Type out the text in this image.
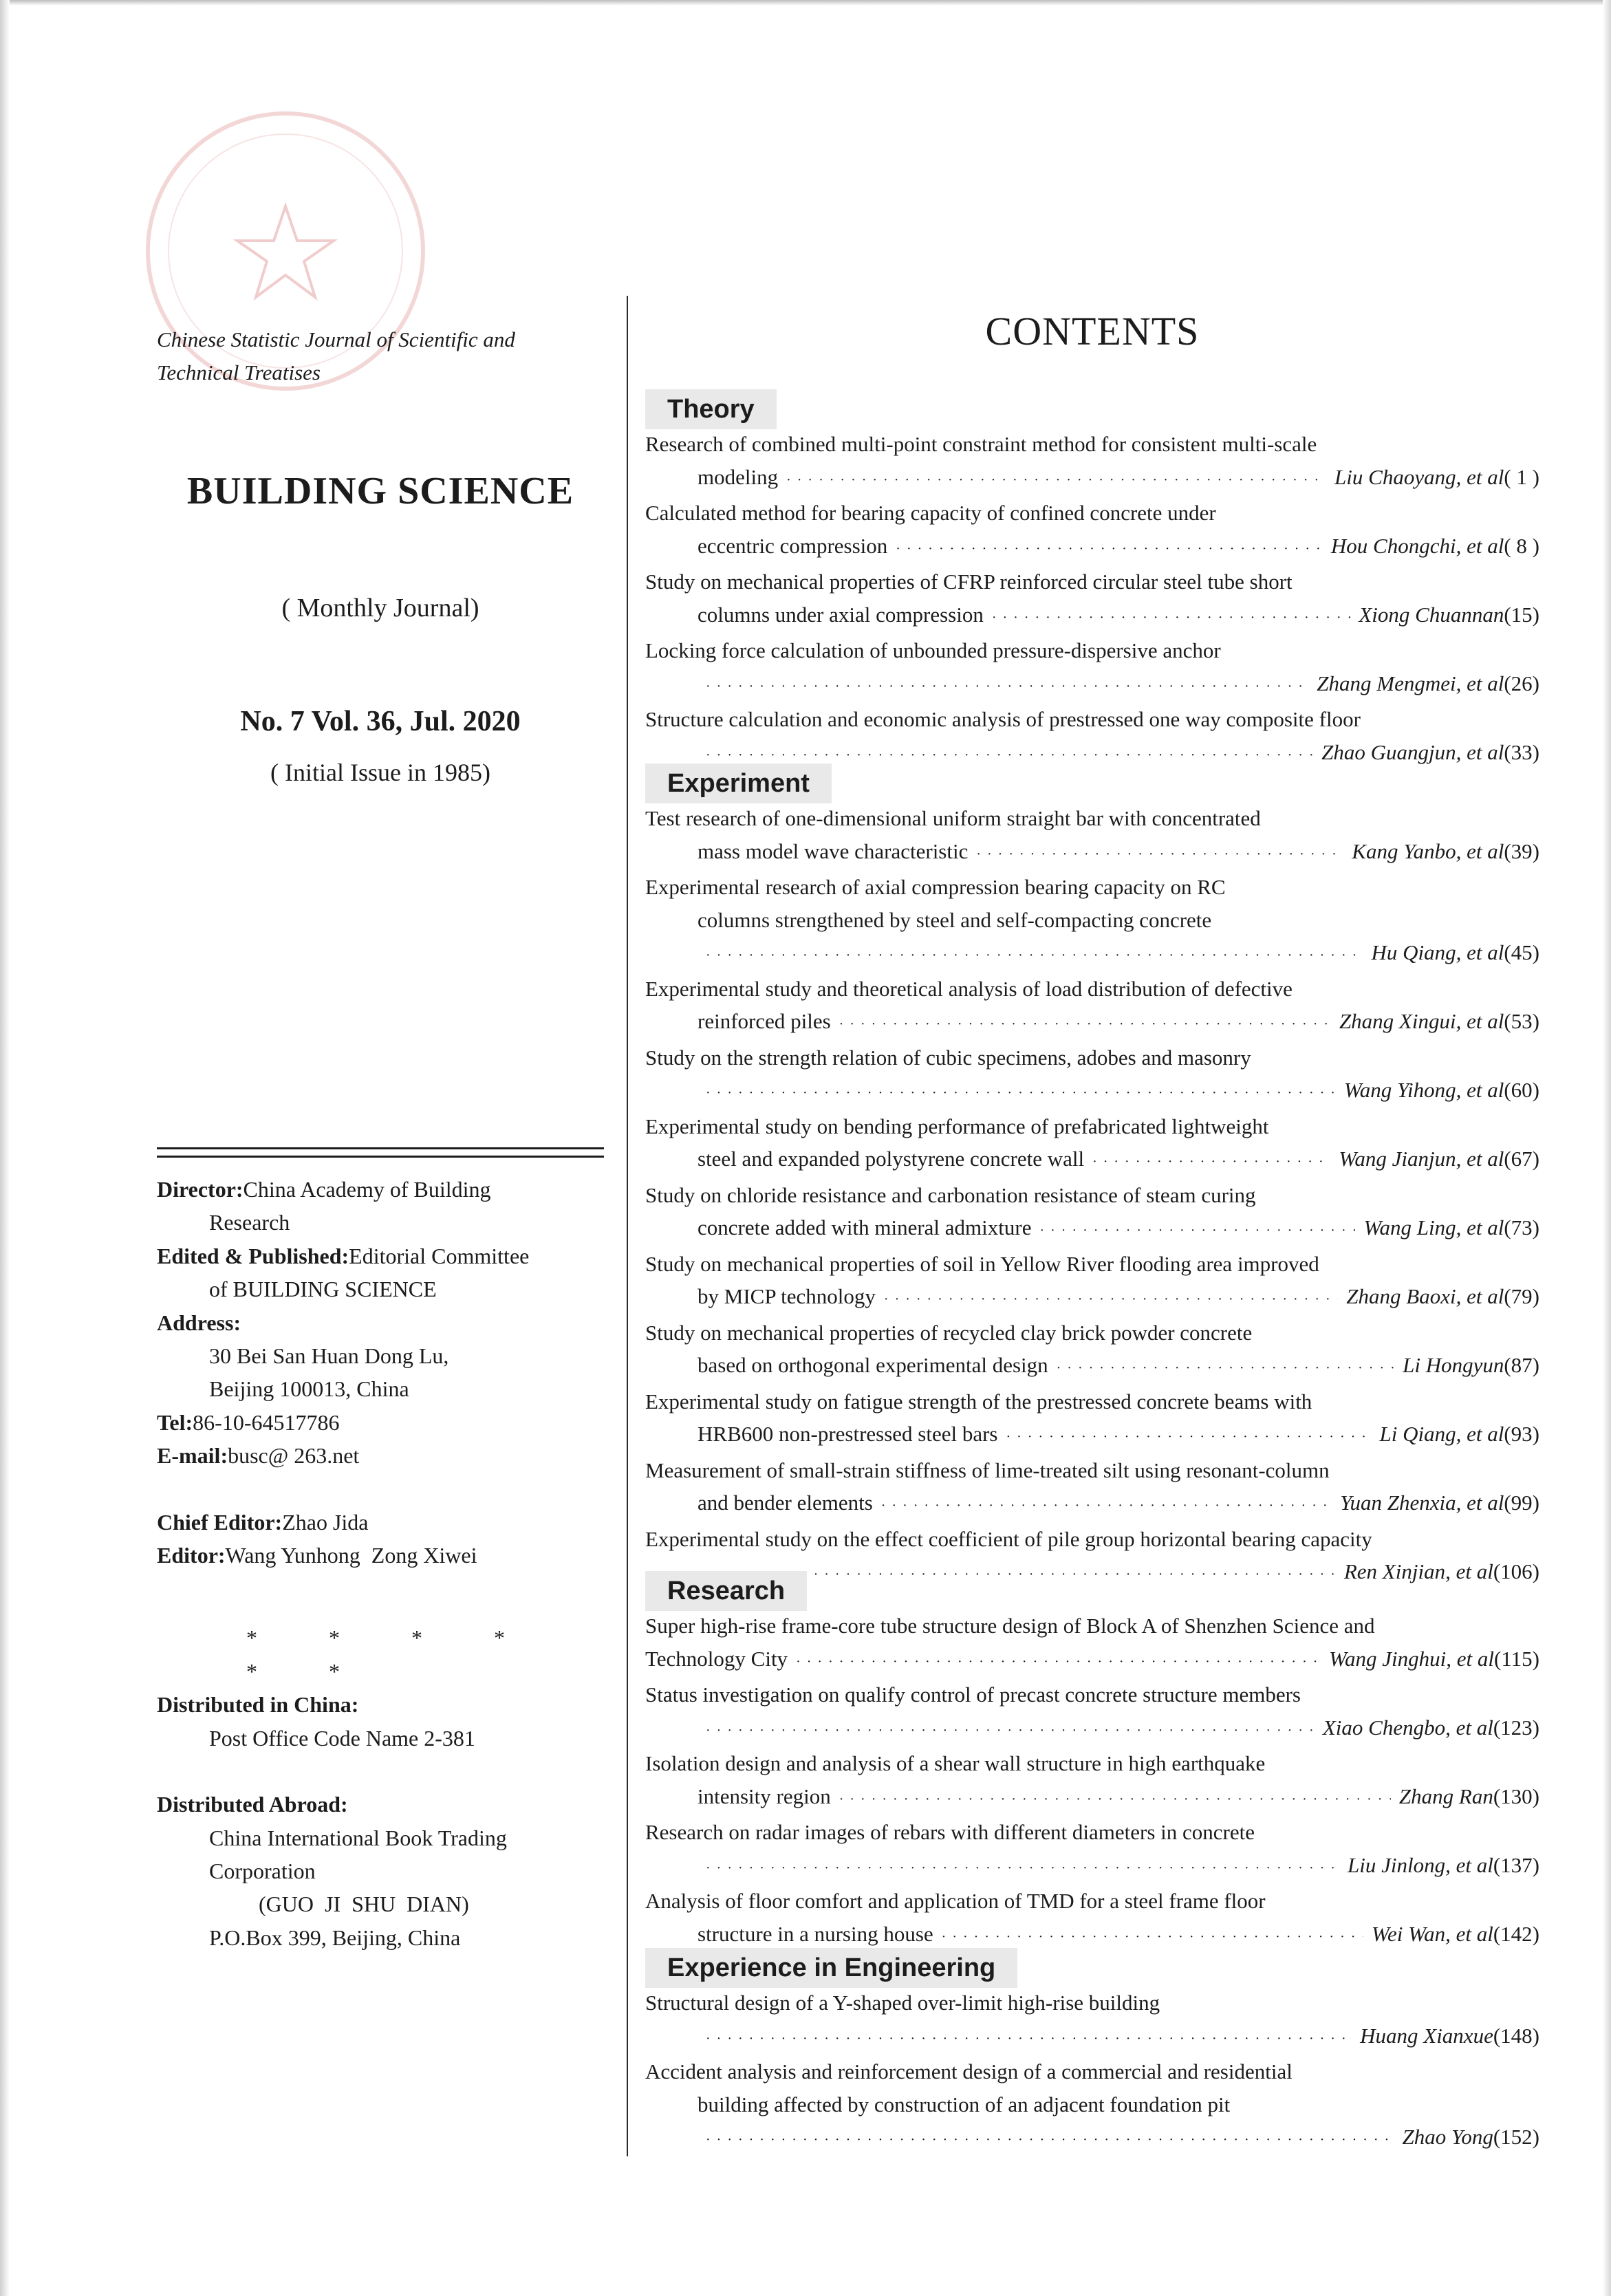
Chinese Statistic Journal of Scientific and

Technical Treatises

BUILDING SCIENCE

( Monthly Journal)

No. 7 Vol. 36, Jul. 2020

( Initial Issue in 1985)

Director:China Academy of Building

Research

Edited & Published:Editorial Committee

of BUILDING SCIENCE

Address:

30 Bei San Huan Dong Lu,

Beijing 100013, China

Tel:86-10-64517786

E-mail:busc@ 263.net

Chief Editor:Zhao Jida

Editor:Wang Yunhong  Zong Xiwei

* * * * * *

Distributed in China:

Post Office Code Name 2-381

Distributed Abroad:

China International Book Trading

Corporation

(GUO  JI  SHU  DIAN)

P.O.Box 399, Beijing, China

CONTENTS

Theory

Research of combined multi-point constraint method for consistent multi-scale

modeling · · ·	Liu Chaoyang, et al( 1 )

Calculated method for bearing capacity of confined concrete under

eccentric compression · · ·	Hou Chongchi, et al( 8 )

Study on mechanical properties of CFRP reinforced circular steel tube short

columns under axial compression · · ·	Xiong Chuannan(15)

Locking force calculation of unbounded pressure-dispersive anchor

· · ·
Zhang Mengmei, et al(26)

Structure calculation and economic analysis of prestressed one way composite floor

· · ·
Zhao Guangjun, et al(33)

Experiment

Test research of one-dimensional uniform straight bar with concentrated

mass model wave characteristic · · ·	Kang Yanbo, et al(39)

Experimental research of axial compression bearing capacity on RC

columns strengthened by steel and self-compacting concrete

· · ·
Hu Qiang, et al(45)

Experimental study and theoretical analysis of load distribution of defective

reinforced piles · · ·	Zhang Xingui, et al(53)

Study on the strength relation of cubic specimens, adobes and masonry

· · ·
Wang Yihong, et al(60)

Experimental study on bending performance of prefabricated lightweight

steel and expanded polystyrene concrete wall · · ·	Wang Jianjun, et al(67)

Study on chloride resistance and carbonation resistance of steam curing

concrete added with mineral admixture · · ·	Wang Ling, et al(73)

Study on mechanical properties of soil in Yellow River flooding area improved

by MICP technology · · ·	Zhang Baoxi, et al(79)

Study on mechanical properties of recycled clay brick powder concrete

based on orthogonal experimental design · · ·	Li Hongyun(87)

Experimental study on fatigue strength of the prestressed concrete beams with

HRB600 non-prestressed steel bars · · ·	Li Qiang, et al(93)

Measurement of small-strain stiffness of lime-treated silt using resonant-column

and bender elements · · ·	Yuan Zhenxia, et al(99)

Experimental study on the effect coefficient of pile group horizontal bearing capacity

· · ·
Ren Xinjian, et al(106)

Research

Super high-rise frame-core tube structure design of Block A of Shenzhen Science and

Technology City · · ·	Wang Jinghui, et al(115)

Status investigation on qualify control of precast concrete structure members

· · ·
Xiao Chengbo, et al(123)

Isolation design and analysis of a shear wall structure in high earthquake

intensity region · · ·	Zhang Ran(130)

Research on radar images of rebars with different diameters in concrete

· · ·
Liu Jinlong, et al(137)

Analysis of floor comfort and application of TMD for a steel frame floor

structure in a nursing house · · ·	Wei Wan, et al(142)

Experience in Engineering

Structural design of a Y-shaped over-limit high-rise building

· · ·
Huang Xianxue(148)

Accident analysis and reinforcement design of a commercial and residential

building affected by construction of an adjacent foundation pit

· · ·
Zhao Yong(152)
